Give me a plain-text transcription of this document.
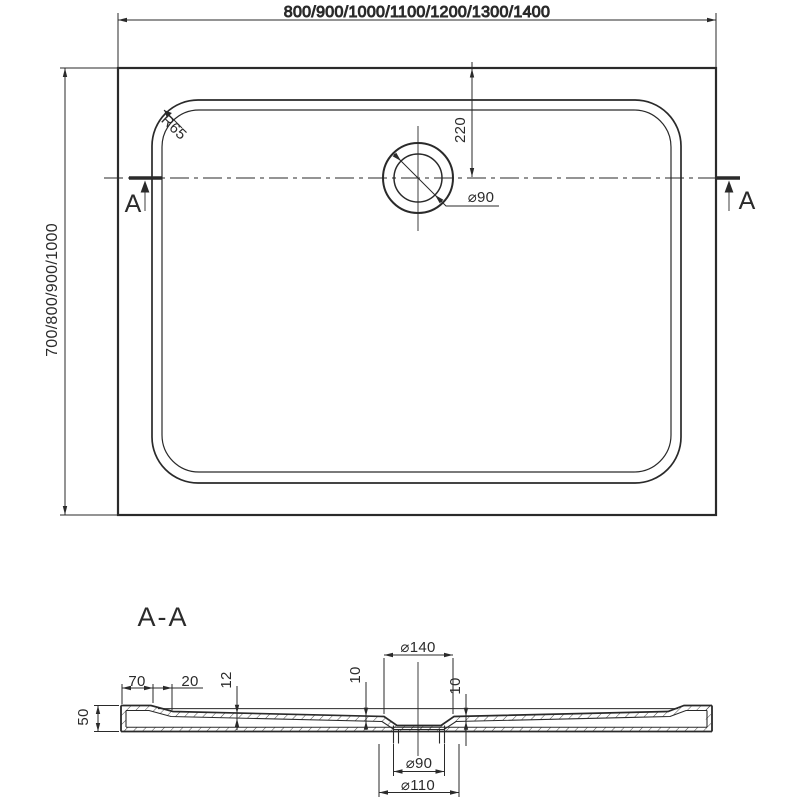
800/900/1000/1100/1200/1300/1400
700/800/900/1000
220
R65
⌀90
A	A
A-A
70 20 12
50
10
10
⌀140
⌀90
⌀110
